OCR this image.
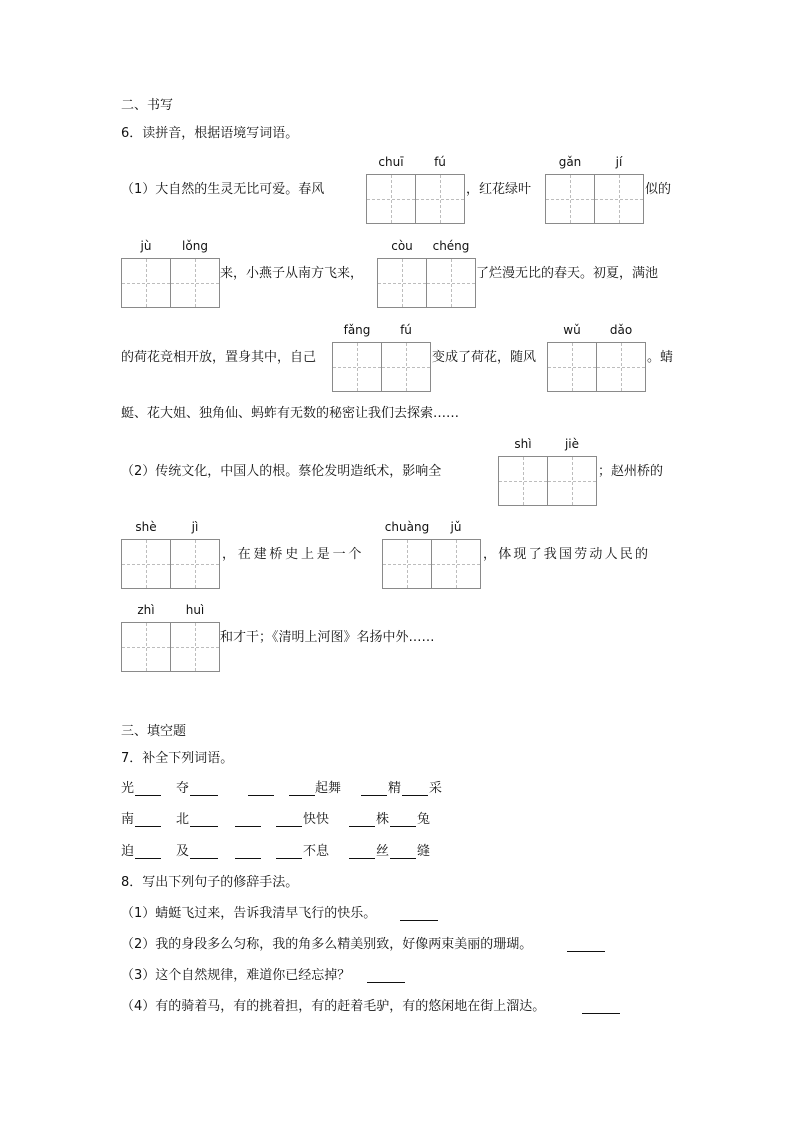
二、书写
6．读拼音，根据语境写词语。
（1）大自然的生灵无比可爱。春风
chuī	fú
，红花绿叶
gǎn	jí
似的
jù	lǒng
来，小燕子从南方飞来，
còu	chéng
了烂漫无比的春天。初夏，满池
的荷花竞相开放，置身其中，自己
fǎng	fú
变成了荷花，随风
wǔ	dǎo
。蜻
蜓、花大姐、独角仙、蚂蚱有无数的秘密让我们去探索……
（2）传统文化，中国人的根。蔡伦发明造纸术，影响全
shì	jiè
；赵州桥的
shè	jì
，在建桥史上是一个
chuàng	jǔ
，体现了我国劳动人民的
zhì	huì
和才干；《清明上河图》名扬中外……
三、填空题
7．补全下列词语。
光	夺	起舞	精 采
南	北	快快	株 兔
迫	及	不息	丝 缝
8．写出下列句子的修辞手法。
（1）蜻蜓飞过来，告诉我清早飞行的快乐。
（2）我的身段多么匀称，我的角多么精美别致，好像两束美丽的珊瑚。
（3）这个自然规律，难道你已经忘掉？
（4）有的骑着马，有的挑着担，有的赶着毛驴，有的悠闲地在街上溜达。
